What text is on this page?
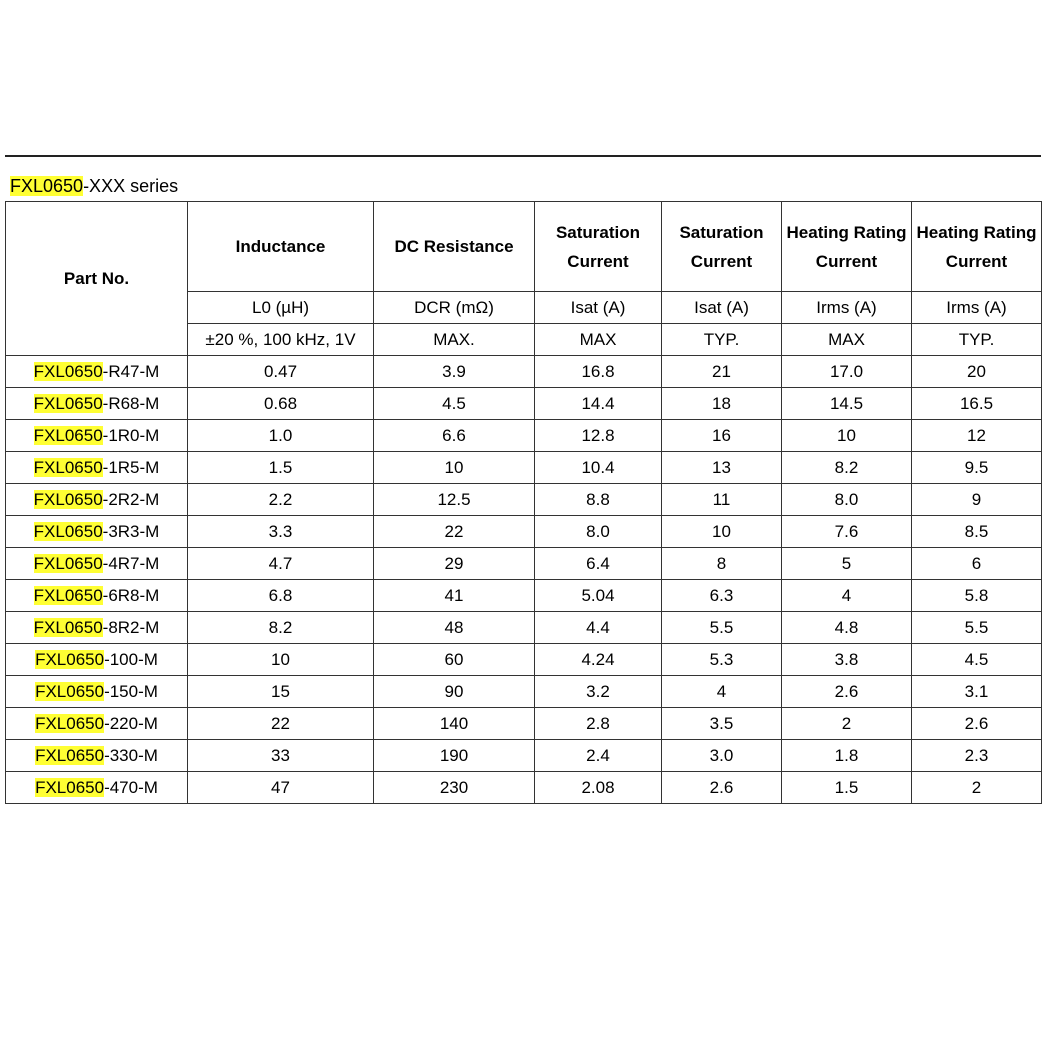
FXL0650-XXX series
Part No.	Inductance	DC Resistance	Saturation Current	Saturation Current	Heating Rating Current	Heating Rating Current
	L0 (µH)	DCR (mΩ)	Isat (A)	Isat (A)	Irms (A)	Irms (A)
	±20 %, 100 kHz, 1V	MAX.	MAX	TYP.	MAX	TYP.
FXL0650-R47-M	0.47	3.9	16.8	21	17.0	20
FXL0650-R68-M	0.68	4.5	14.4	18	14.5	16.5
FXL0650-1R0-M	1.0	6.6	12.8	16	10	12
FXL0650-1R5-M	1.5	10	10.4	13	8.2	9.5
FXL0650-2R2-M	2.2	12.5	8.8	11	8.0	9
FXL0650-3R3-M	3.3	22	8.0	10	7.6	8.5
FXL0650-4R7-M	4.7	29	6.4	8	5	6
FXL0650-6R8-M	6.8	41	5.04	6.3	4	5.8
FXL0650-8R2-M	8.2	48	4.4	5.5	4.8	5.5
FXL0650-100-M	10	60	4.24	5.3	3.8	4.5
FXL0650-150-M	15	90	3.2	4	2.6	3.1
FXL0650-220-M	22	140	2.8	3.5	2	2.6
FXL0650-330-M	33	190	2.4	3.0	1.8	2.3
FXL0650-470-M	47	230	2.08	2.6	1.5	2
